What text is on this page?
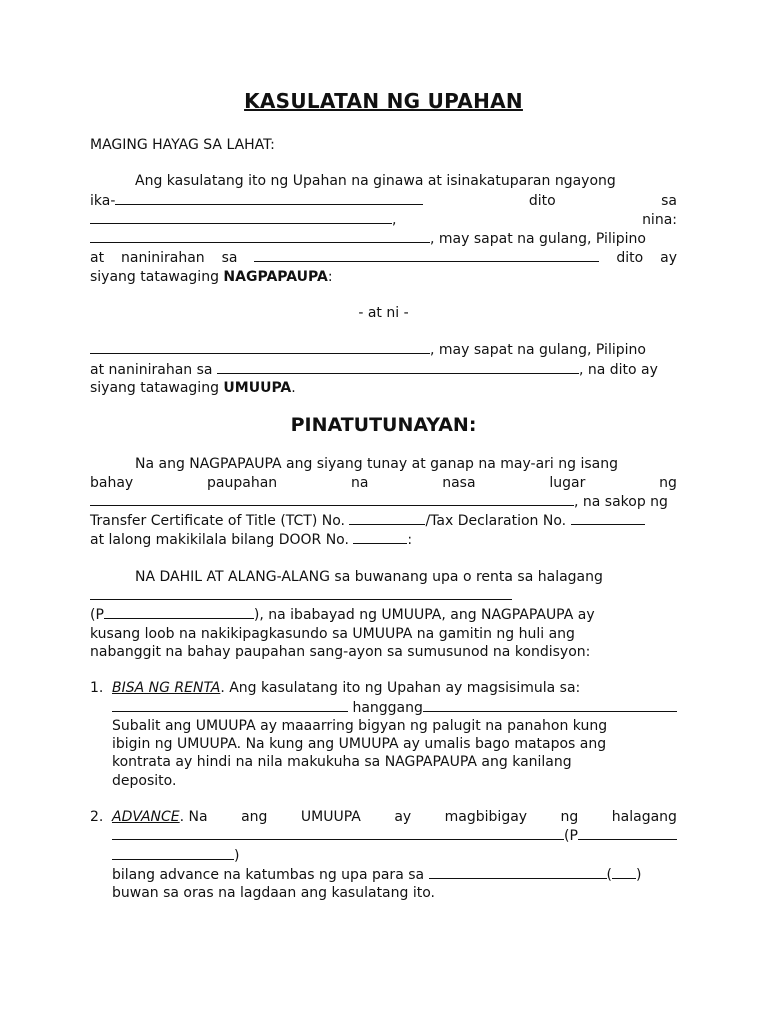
KASULATAN NG UPAHAN

MAGING HAYAG SA LAHAT:

Ang kasulatang ito ng Upahan na ginawa at isinakatuparan ngayong

ika-	dito	sa
,	nina:
, may sapat na gulang, Pilipino
at naninirahan sa	dito ay

siyang tatawaging NAGPAPAUPA:

- at ni -

, may sapat na gulang, Pilipino
at naninirahan sa	, na dito ay

siyang tatawaging UMUUPA.

PINATUTUNAYAN:

Na ang NAGPAPAUPA ang siyang tunay at ganap na may-ari ng isang

bahay	paupahan	na	nasa	lugar	ng
, na sakop ng
Transfer Certificate of Title (TCT) No.	/Tax Declaration No.

at lalong makikilala bilang DOOR No.	:

NA DAHIL AT ALANG-ALANG sa buwanang upa o renta sa halagang

(P	), na ibabayad ng UMUUPA, ang NAGPAPAUPA ay

kusang loob na nakikipagkasundo sa UMUUPA na gamitin ng huli ang

nabanggit na bahay paupahan sang-ayon sa sumusunod na kondisyon:

1. BISA NG RENTA. Ang kasulatang ito ng Upahan ay magsisimula sa:

hanggang

Subalit ang UMUUPA ay maaarring bigyan ng palugit na panahon kung

ibigin ng UMUUPA. Na kung ang UMUUPA ay umalis bago matapos ang

kontrata ay hindi na nila makukuha sa NAGPAPAUPA ang kanilang

deposito.

2. ADVANCE. Na ang UMUUPA ay magbibigay ng halagang
(P

)

bilang advance na katumbas ng upa para sa	( )

buwan sa oras na lagdaan ang kasulatang ito.
